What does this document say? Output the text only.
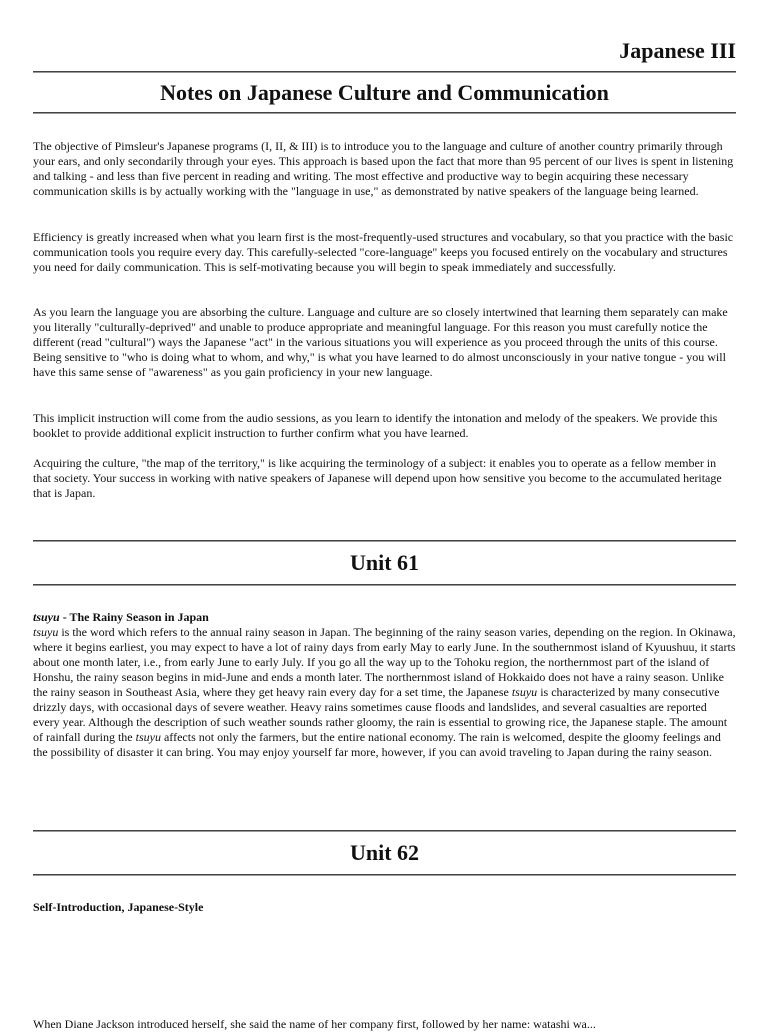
Japanese III
Notes on Japanese Culture and Communication

The objective of Pimsleur's Japanese programs (I, II, & III) is to introduce you to the language and culture of another country primarily through your ears, and only secondarily through your eyes. This approach is based upon the fact that more than 95 percent of our lives is spent in listening and talking - and less than five percent in reading and writing. The most effective and productive way to begin acquiring these necessary communication skills is by actually working with the "language in use," as demonstrated by native speakers of the language being learned.

Efficiency is greatly increased when what you learn first is the most-frequently-used structures and vocabulary, so that you practice with the basic communication tools you require every day. This carefully-selected "core-language" keeps you focused entirely on the vocabulary and structures you need for daily communication. This is self-motivating because you will begin to speak immediately and successfully.

As you learn the language you are absorbing the culture. Language and culture are so closely intertwined that learning them separately can make you literally "culturally-deprived" and unable to produce appropriate and meaningful language. For this reason you must carefully notice the different (read "cultural") ways the Japanese "act" in the various situations you will experience as you proceed through the units of this course. Being sensitive to "who is doing what to whom, and why," is what you have learned to do almost unconsciously in your native tongue - you will have this same sense of "awareness" as you gain proficiency in your new language.

This implicit instruction will come from the audio sessions, as you learn to identify the intonation and melody of the speakers. We provide this booklet to provide additional explicit instruction to further confirm what you have learned.

Acquiring the culture, "the map of the territory," is like acquiring the terminology of a subject: it enables you to operate as a fellow member in that society. Your success in working with native speakers of Japanese will depend upon how sensitive you become to the accumulated heritage that is Japan.

Unit 61
tsuyu - The Rainy Season in Japan

tsuyu is the word which refers to the annual rainy season in Japan. The beginning of the rainy season varies, depending on the region. In Okinawa, where it begins earliest, you may expect to have a lot of rainy days from early May to early June. In the southernmost island of Kyuushuu, it starts about one month later, i.e., from early June to early July. If you go all the way up to the Tohoku region, the northernmost part of the island of Honshu, the rainy season begins in mid-June and ends a month later. The northernmost island of Hokkaido does not have a rainy season. Unlike the rainy season in Southeast Asia, where they get heavy rain every day for a set time, the Japanese tsuyu is characterized by many consecutive drizzly days, with occasional days of severe weather. Heavy rains sometimes cause floods and landslides, and several casualties are reported every year. Although the description of such weather sounds rather gloomy, the rain is essential to growing rice, the Japanese staple. The amount of rainfall during the tsuyu affects not only the farmers, but the entire national economy. The rain is welcomed, despite the gloomy feelings and the possibility of disaster it can bring. You may enjoy yourself far more, however, if you can avoid traveling to Japan during the rainy season.

Unit 62
Self-Introduction, Japanese-Style

When Diane Jackson introduced herself, she said the name of her company first, followed by her name: watashi wa...
